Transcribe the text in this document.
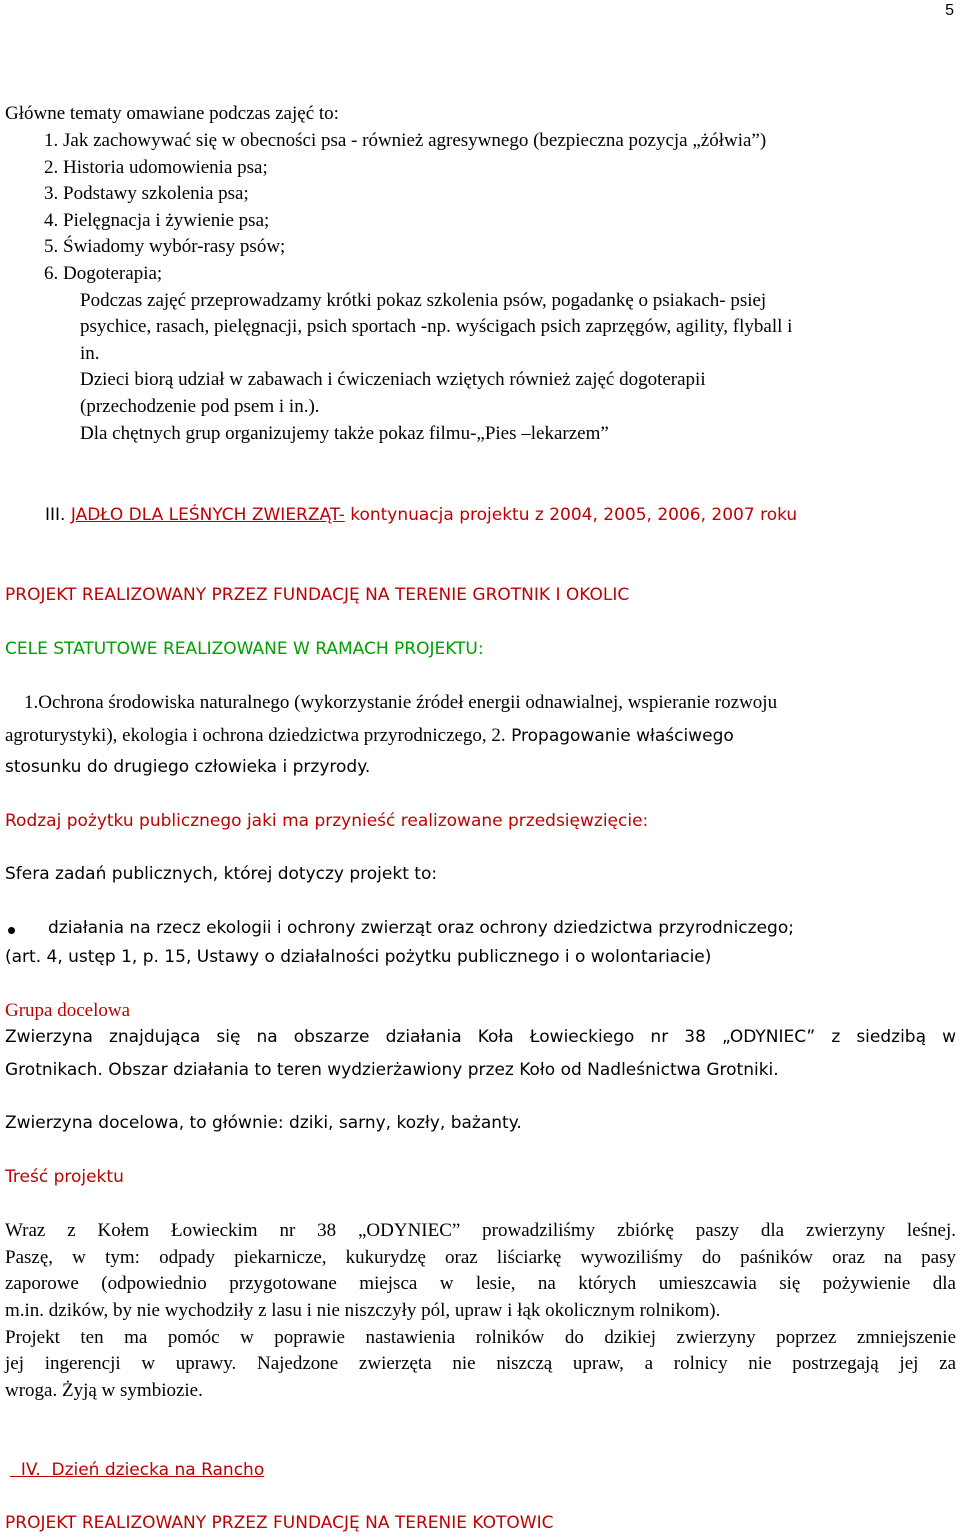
5

Główne tematy omawiane podczas zajęć to:

1. Jak zachowywać się w obecności psa - również agresywnego (bezpieczna pozycja „żółwia”)

2. Historia udomowienia psa;

3. Podstawy szkolenia psa;

4. Pielęgnacja i żywienie psa;

5. Świadomy wybór-rasy psów;

6. Dogoterapia;

Podczas zajęć przeprowadzamy krótki pokaz szkolenia psów, pogadankę o psiakach- psiej

psychice, rasach, pielęgnacji, psich sportach -np. wyścigach psich zaprzęgów, agility, flyball i

in.

Dzieci biorą udział w zabawach i ćwiczeniach wziętych również zajęć dogoterapii

(przechodzenie pod psem i in.).

Dla chętnych grup organizujemy także pokaz filmu-„Pies –lekarzem”

III. JADŁO DLA LEŚNYCH ZWIERZĄT- kontynuacja projektu z 2004, 2005, 2006, 2007 roku

PROJEKT REALIZOWANY PRZEZ FUNDACJĘ NA TERENIE GROTNIK I OKOLIC

CELE STATUTOWE REALIZOWANE W RAMACH PROJEKTU:

1.Ochrona środowiska naturalnego (wykorzystanie źródeł energii odnawialnej, wspieranie rozwoju

agroturystyki), ekologia i ochrona dziedzictwa przyrodniczego, 2. Propagowanie właściwego

stosunku do drugiego człowieka i przyrody.

Rodzaj pożytku publicznego jaki ma przynieść realizowane przedsięwzięcie:

Sfera zadań publicznych, której dotyczy projekt to:

działania na rzecz ekologii i ochrony zwierząt oraz ochrony dziedzictwa przyrodniczego;

(art. 4, ustęp 1, p. 15, Ustawy o działalności pożytku publicznego i o wolontariacie)

Grupa docelowa

Zwierzyna znajdująca się na obszarze działania Koła Łowieckiego nr 38 „ODYNIEC” z siedzibą w

Grotnikach. Obszar działania to teren wydzierżawiony przez Koło od Nadleśnictwa Grotniki.

Zwierzyna docelowa, to głównie: dziki, sarny, kozły, bażanty.

Treść projektu

Wraz z Kołem Łowieckim nr 38 „ODYNIEC” prowadziliśmy zbiórkę paszy dla zwierzyny leśnej.

Paszę, w tym: odpady piekarnicze, kukurydzę oraz liściarkę wywoziliśmy do paśników oraz na pasy

zaporowe (odpowiednio przygotowane miejsca w lesie, na których umieszcawia się pożywienie dla

m.in. dzików, by nie wychodziły z lasu i nie niszczyły pól, upraw i łąk okolicznym rolnikom).

Projekt ten ma pomóc w poprawie nastawienia rolników do dzikiej zwierzyny poprzez zmniejszenie

jej ingerencji w uprawy. Najedzone zwierzęta nie niszczą upraw, a rolnicy nie postrzegają jej za

wroga. Żyją w symbiozie.

IV. Dzień dziecka na Rancho

PROJEKT REALIZOWANY PRZEZ FUNDACJĘ NA TERENIE KOTOWIC
